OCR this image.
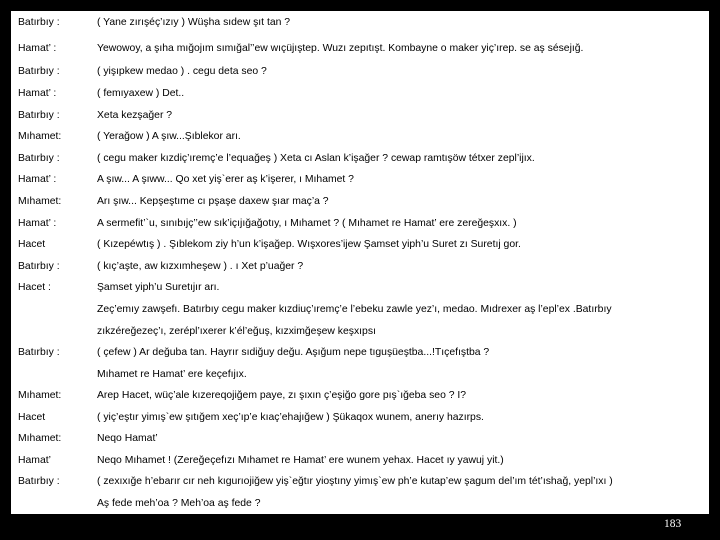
Batırbıy :	( Yane zırışéç’ızıy ) Wüşha sıdew şıt tan ?
Hamat’ :	Yewowoy, a şıha mığojım sımığal’’ew wıçüjıştep. Wuzı zepıtışt. Kombayne o maker yiç’ırep. se aş sésejığ.
Batırbıy :	( yişıpkew medao ) . cegu deta seo ?
Hamat’ :	( femıyaxew ) Det..
Batırbıy :	Xeta kezşağer ?
Mıhamet:	( Yerağow ) A şıw...Şıblekor arı.
Batırbıy :	( cegu maker kızdiç’ıremç’e l’equağeş ) Xeta cı Aslan k’işağer ? cewap ramtışöw tétxer zepl’ijıx.
Hamat’ :	A şıw... A şıww... Qo xet yiş`erer aş k’işerer, ı Mıhamet ?
Mıhamet:	Arı şıw... Kepşeştıme cı pşaşe daxew şıar maç’a ?
Hamat’ :	A sermefit’`u, sınıbıjç’’ew sık’içıjığağotıy, ı Mıhamet ? ( Mıhamet re Hamat’ ere zereğeşxıx. )
Hacet	( Kızepéwtış ) . Şıblekom ziy h’un k’işağep. Wışxores’ijew Şamset yiph’u Suret zı Suretıj gor.
Batırbıy :	( kıç’aşte, aw kızxımheşew ) . ı Xet p’uağer ?
Hacet :	Şamset yiph’u Suretıjır arı.
Zeç’emıy zawşefı. Batırbıy cegu maker kızdiuç’ıremç’e l’ebeku zawle yez’ı, medao. Mıdrexer aş l’epl’ex .Batırbıy
zıkzéreğezeç’ı, zerépl’ıxerer k’él’eğuş, kızximğeşew keşxıpsı
Batırbıy :	( çefew ) Ar değuba tan. Hayrır sıdiğuy değu. Aşığum nepe tıguşüeştba...!Tıçefıştba ?
Mıhamet re Hamat’ ere keçefıjıx.
Mıhamet:	Arep Hacet, wüç’ale kızereqojiğem paye, zı şıxın ç’eşiğo gore pış`ığeba seo ? I?
Hacet	( yiç’eştır yimış`ew şıtığem xeç’ıp’e kıaç’ehajığew ) Şükaqox wunem, anerıy hazırps.
Mıhamet:	Neqo Hamat’
Hamat’	Neqo Mıhamet ! (Zereğeçefızı Mıhamet re Hamat’ ere wunem yehax. Hacet ıy yawuj yit.)
Batırbıy :	( zexıxığe h’ebarır cır neh kıgurıojiğew yiş`eğtır yioştıny yimış`ew ph’e kutap’ew şagum del’ım tét’ıshağ, yepl’ıxı )
Aş fede meh’oa ? Meh’oa aş fede ?
183
